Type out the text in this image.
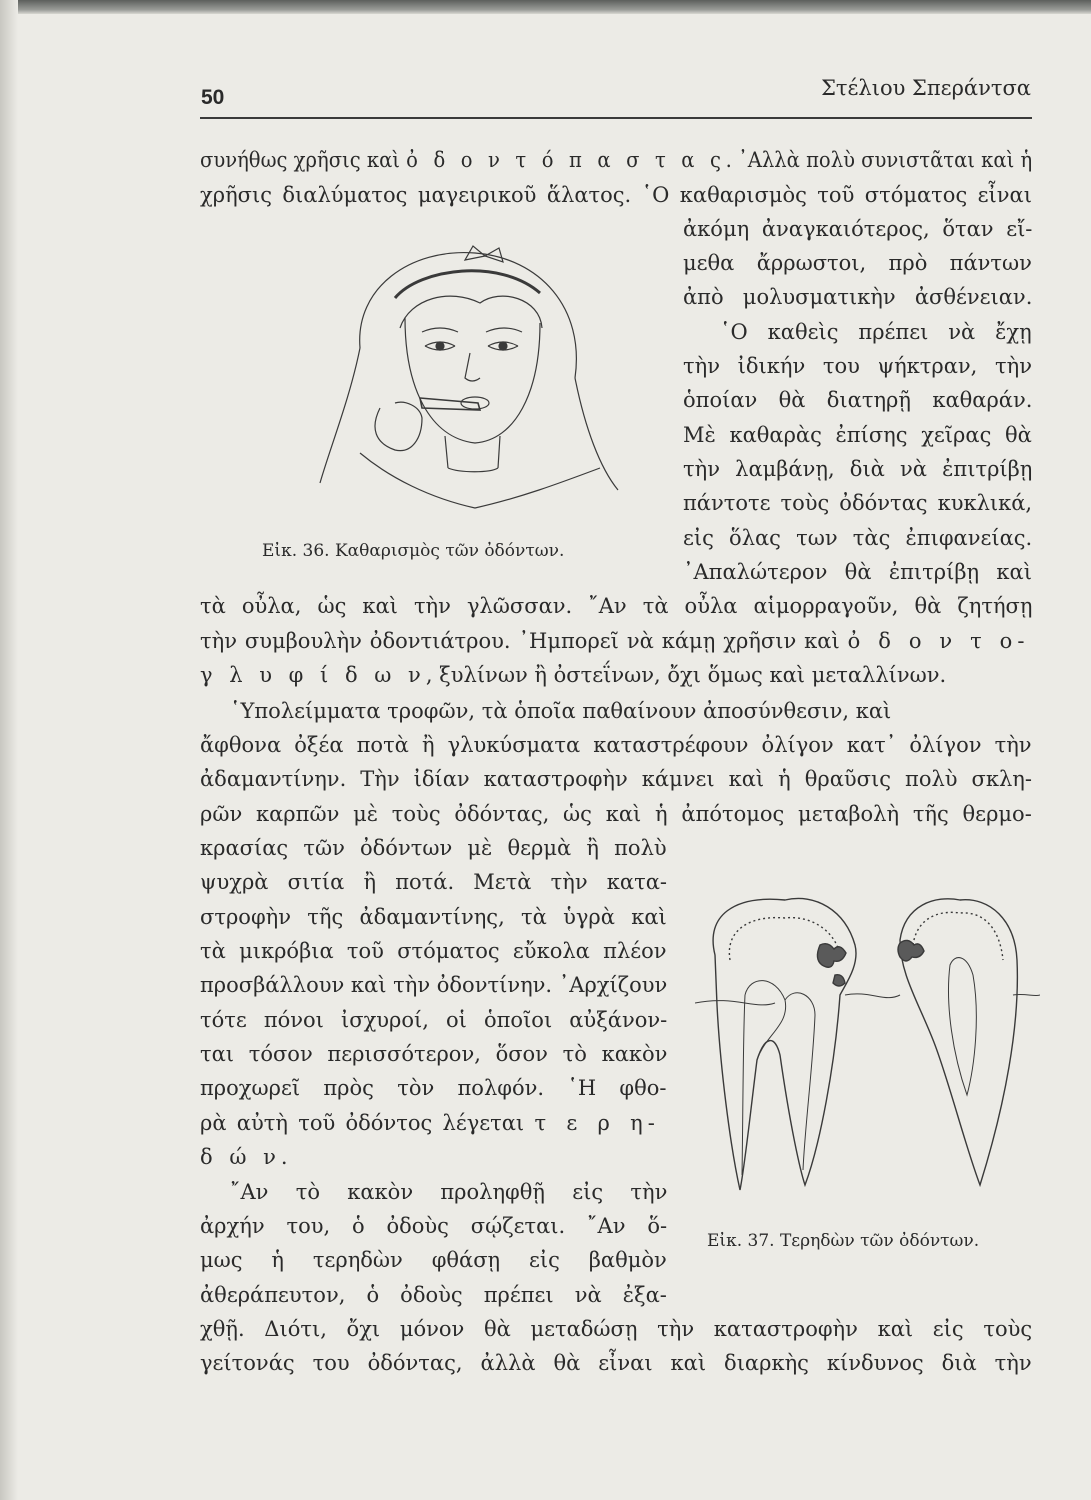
50	Στέλιου Σπεράντσα
Εἰκ. 36. Καθαρισμὸς τῶν ὀδόντων.
Εἰκ. 37. Τερηδὼν τῶν ὀδόντων.
συνήθως χρῆσις καὶ ὀ δ ο ν τ ό π α σ τ α ς. ᾿Αλλὰ πολὺ συνιστᾶται καὶ ἡ
χρῆσις διαλύματος μαγειρικοῦ ἅλατος. ῾Ο καθαρισμὸς τοῦ στόματος εἶναι
ἀκόμη ἀναγκαιότερος, ὅταν εἴ-
μεθα ἄρρωστοι, πρὸ πάντων
ἀπὸ μολυσματικὴν ἀσθένειαν.
῾Ο καθεὶς πρέπει νὰ ἔχῃ
τὴν ἰδικήν του ψήκτραν, τὴν
ὁποίαν θὰ διατηρῇ καθαράν.
Μὲ καθαρὰς ἐπίσης χεῖρας θὰ
τὴν λαμβάνῃ, διὰ νὰ ἐπιτρίβῃ
πάντοτε τοὺς ὀδόντας κυκλικά,
εἰς ὅλας των τὰς ἐπιφανείας.
᾿Απαλώτερον θὰ ἐπιτρίβῃ καὶ
τὰ οὖλα, ὡς καὶ τὴν γλῶσσαν. ῎Αν τὰ οὖλα αἱμορραγοῦν, θὰ ζητήσῃ
τὴν συμβουλὴν ὀδοντιάτρου. ᾿Ημπορεῖ νὰ κάμῃ χρῆσιν καὶ ὀ δ ο ν τ ο-
γ λ υ φ ί δ ω ν, ξυλίνων ἢ ὀστεΐνων, ὄχι ὅμως καὶ μεταλλίνων.
῾Υπολείμματα τροφῶν, τὰ ὁποῖα παθαίνουν ἀποσύνθεσιν, καὶ
ἄφθονα ὀξέα ποτὰ ἢ γλυκύσματα καταστρέφουν ὀλίγον κατ᾿ ὀλίγον τὴν
ἀδαμαντίνην. Τὴν ἰδίαν καταστροφὴν κάμνει καὶ ἡ θραῦσις πολὺ σκλη-
ρῶν καρπῶν μὲ τοὺς ὀδόντας, ὡς καὶ ἡ ἀπότομος μεταβολὴ τῆς θερμο-
κρασίας τῶν ὀδόντων μὲ θερμὰ ἢ πολὺ
ψυχρὰ σιτία ἢ ποτά. Μετὰ τὴν κατα-
στροφὴν τῆς ἀδαμαντίνης, τὰ ὑγρὰ καὶ
τὰ μικρόβια τοῦ στόματος εὔκολα πλέον
προσβάλλουν καὶ τὴν ὀδοντίνην. ᾿Αρχίζουν
τότε πόνοι ἰσχυροί, οἱ ὁποῖοι αὐξάνον-
ται τόσον περισσότερον, ὅσον τὸ κακὸν
προχωρεῖ πρὸς τὸν πολφόν. ῾Η φθο-
ρὰ αὐτὴ τοῦ ὀδόντος λέγεται τ ε ρ η-
δ ώ ν.
῎Αν τὸ κακὸν προληφθῇ εἰς τὴν
ἀρχήν του, ὁ ὀδοὺς σῴζεται. ῎Αν ὅ-
μως ἡ τερηδὼν φθάσῃ εἰς βαθμὸν
ἀθεράπευτον, ὁ ὀδοὺς πρέπει νὰ ἐξα-
χθῇ. Διότι, ὄχι μόνον θὰ μεταδώσῃ τὴν καταστροφὴν καὶ εἰς τοὺς
γείτονάς του ὀδόντας, ἀλλὰ θὰ εἶναι καὶ διαρκὴς κίνδυνος διὰ τὴν
